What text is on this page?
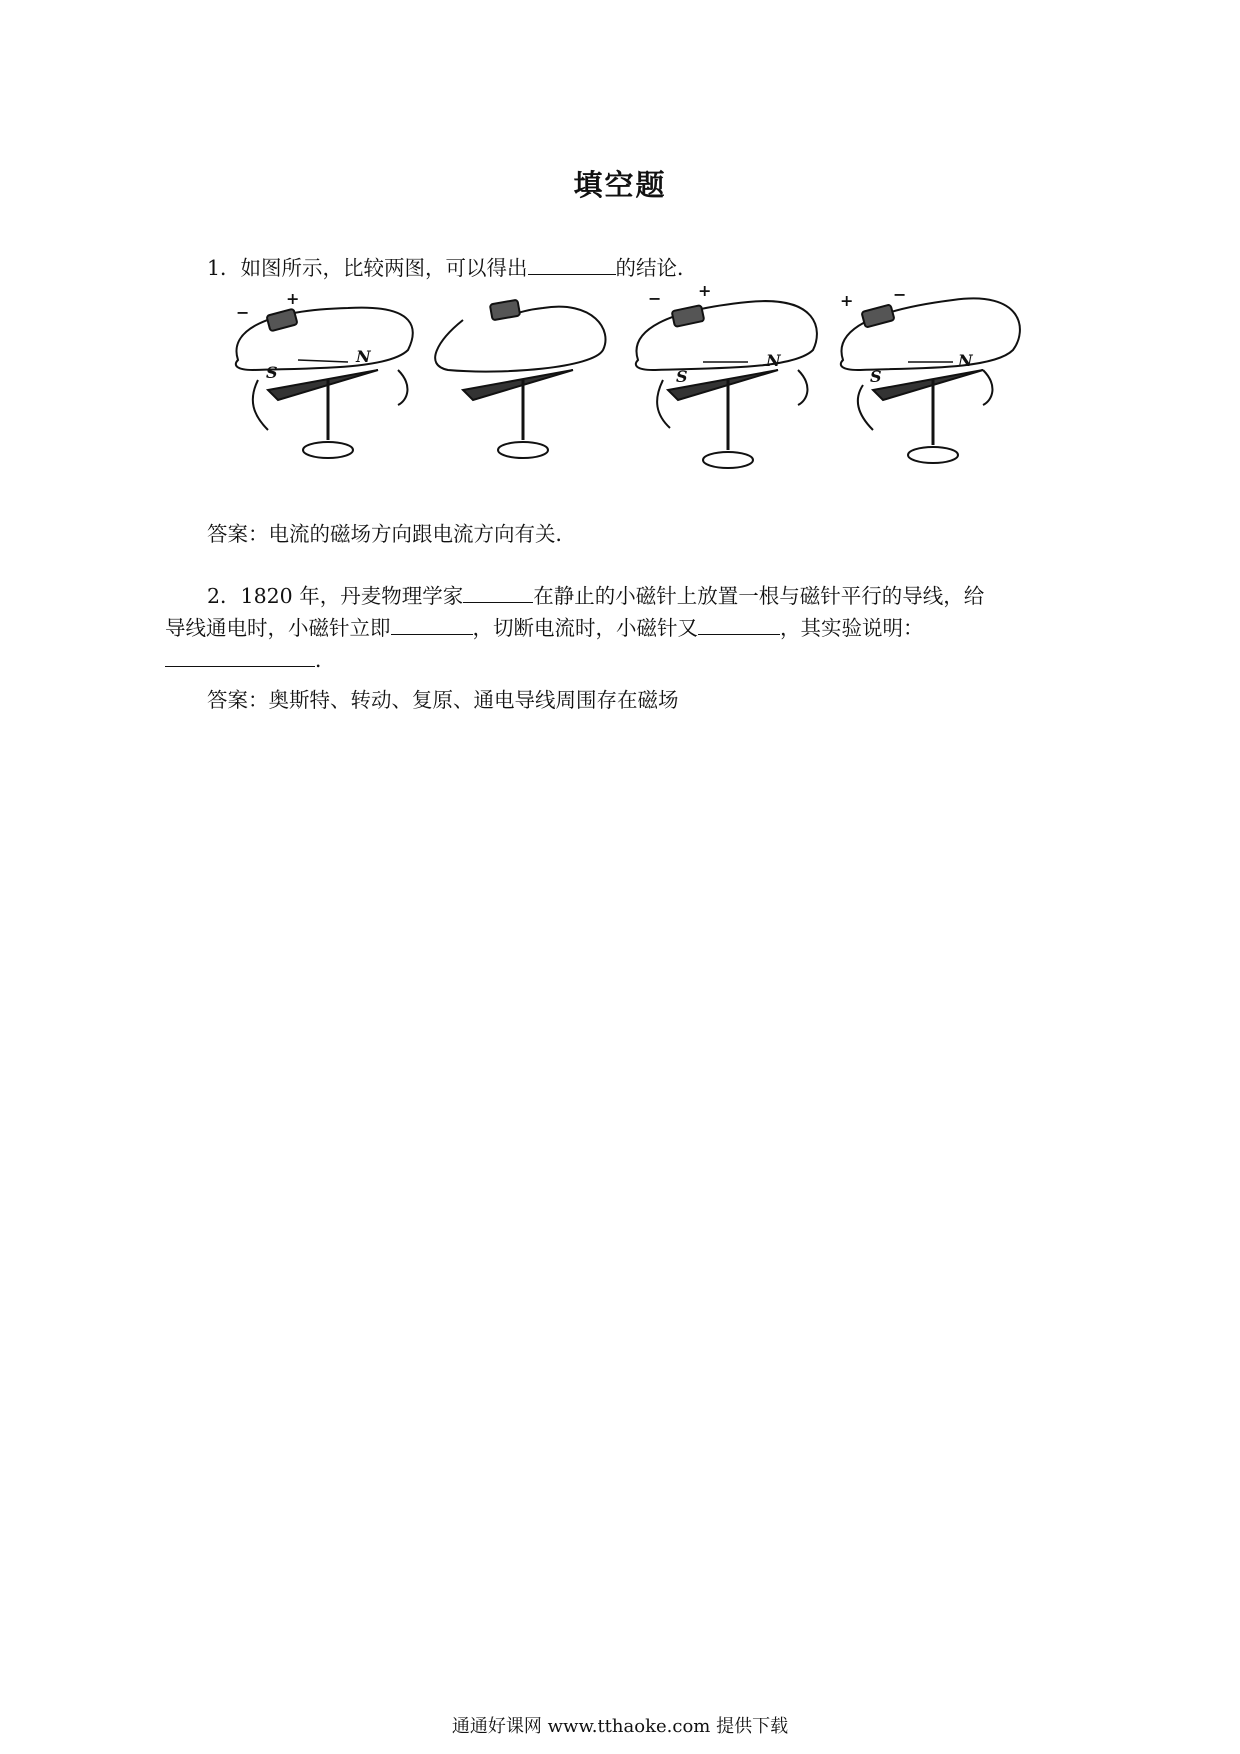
填空题
1．如图所示，比较两图，可以得出	的结论．
−
+
S
N
− +
S
N
+ −
S
N
答案：电流的磁场方向跟电流方向有关．
2．1820 年，丹麦物理学家	在静止的小磁针上放置一根与磁针平行的导线，给
导线通电时，小磁针立即	，切断电流时，小磁针又	，其实验说明：
．
答案：奥斯特、转动、复原、通电导线周围存在磁场
通通好课网 www.tthaoke.com 提供下载
